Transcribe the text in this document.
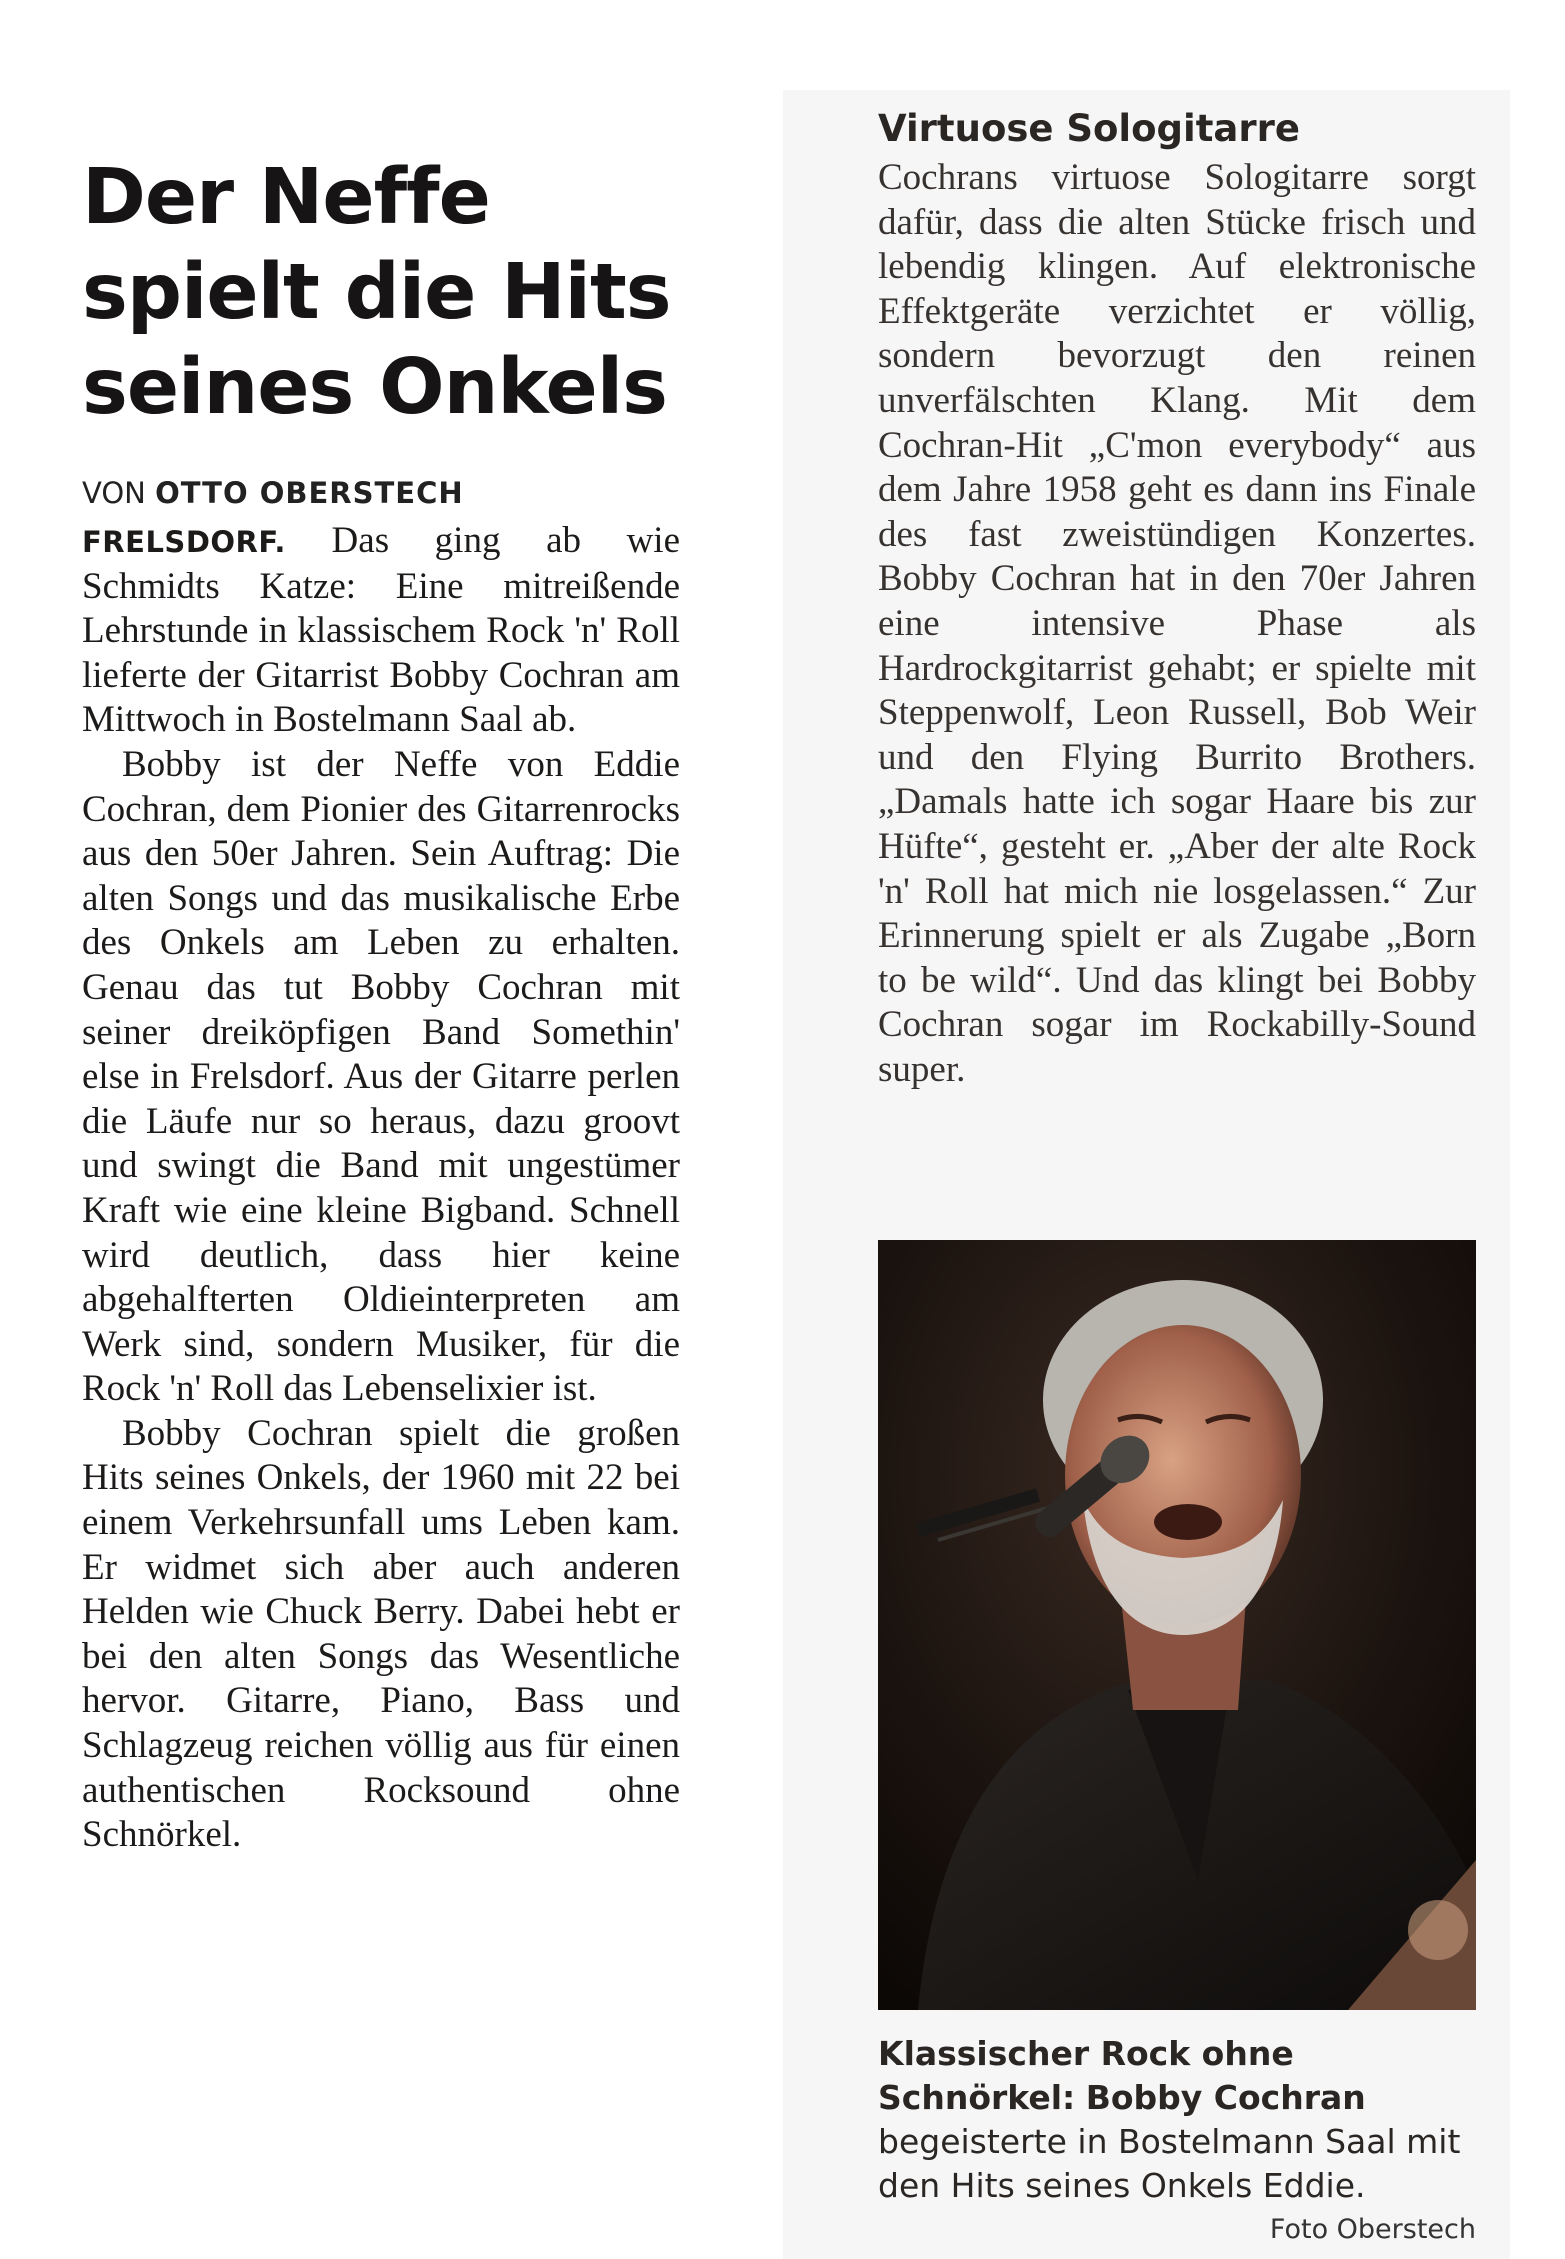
Der Neffe
spielt die Hits
seines Onkels
VON OTTO OBERSTECH

FRELSDORF. Das ging ab wie Schmidts Katze: Eine mitreißende Lehrstunde in klassischem Rock 'n' Roll lieferte der Gitarrist Bobby Cochran am Mittwoch in Bostelmann Saal ab.

Bobby ist der Neffe von Eddie Cochran, dem Pionier des Gitarrenrocks aus den 50er Jahren. Sein Auftrag: Die alten Songs und das musikalische Erbe des Onkels am Leben zu erhalten. Genau das tut Bobby Cochran mit seiner dreiköpfigen Band Somethin' else in Frelsdorf. Aus der Gitarre perlen die Läufe nur so heraus, dazu groovt und swingt die Band mit ungestümer Kraft wie eine kleine Bigband. Schnell wird deutlich, dass hier keine abgehalfterten Oldieinterpreten am Werk sind, sondern Musiker, für die Rock 'n' Roll das Lebenselixier ist.

Bobby Cochran spielt die großen Hits seines Onkels, der 1960 mit 22 bei einem Verkehrsunfall ums Leben kam. Er widmet sich aber auch anderen Helden wie Chuck Berry. Dabei hebt er bei den alten Songs das Wesentliche hervor. Gitarre, Piano, Bass und Schlagzeug reichen völlig aus für einen authentischen Rocksound ohne Schnörkel.

Virtuose Sologitarre

Cochrans virtuose Sologitarre sorgt dafür, dass die alten Stücke frisch und lebendig klingen. Auf elektronische Effektgeräte verzichtet er völlig, sondern bevorzugt den reinen unverfälschten Klang. Mit dem Cochran-Hit „C'mon everybody“ aus dem Jahre 1958 geht es dann ins Finale des fast zweistündigen Konzertes. Bobby Cochran hat in den 70er Jahren eine intensive Phase als Hardrockgitarrist gehabt; er spielte mit Steppenwolf, Leon Russell, Bob Weir und den Flying Burrito Brothers. „Damals hatte ich sogar Haare bis zur Hüfte“, gesteht er. „Aber der alte Rock 'n' Roll hat mich nie losgelassen.“ Zur Erinnerung spielt er als Zugabe „Born to be wild“. Und das klingt bei Bobby Cochran sogar im Rockabilly-Sound super.

Klassischer Rock ohne Schnörkel: Bobby Cochran begeisterte in Bostelmann Saal mit den Hits seines Onkels Eddie.
Foto Oberstech
